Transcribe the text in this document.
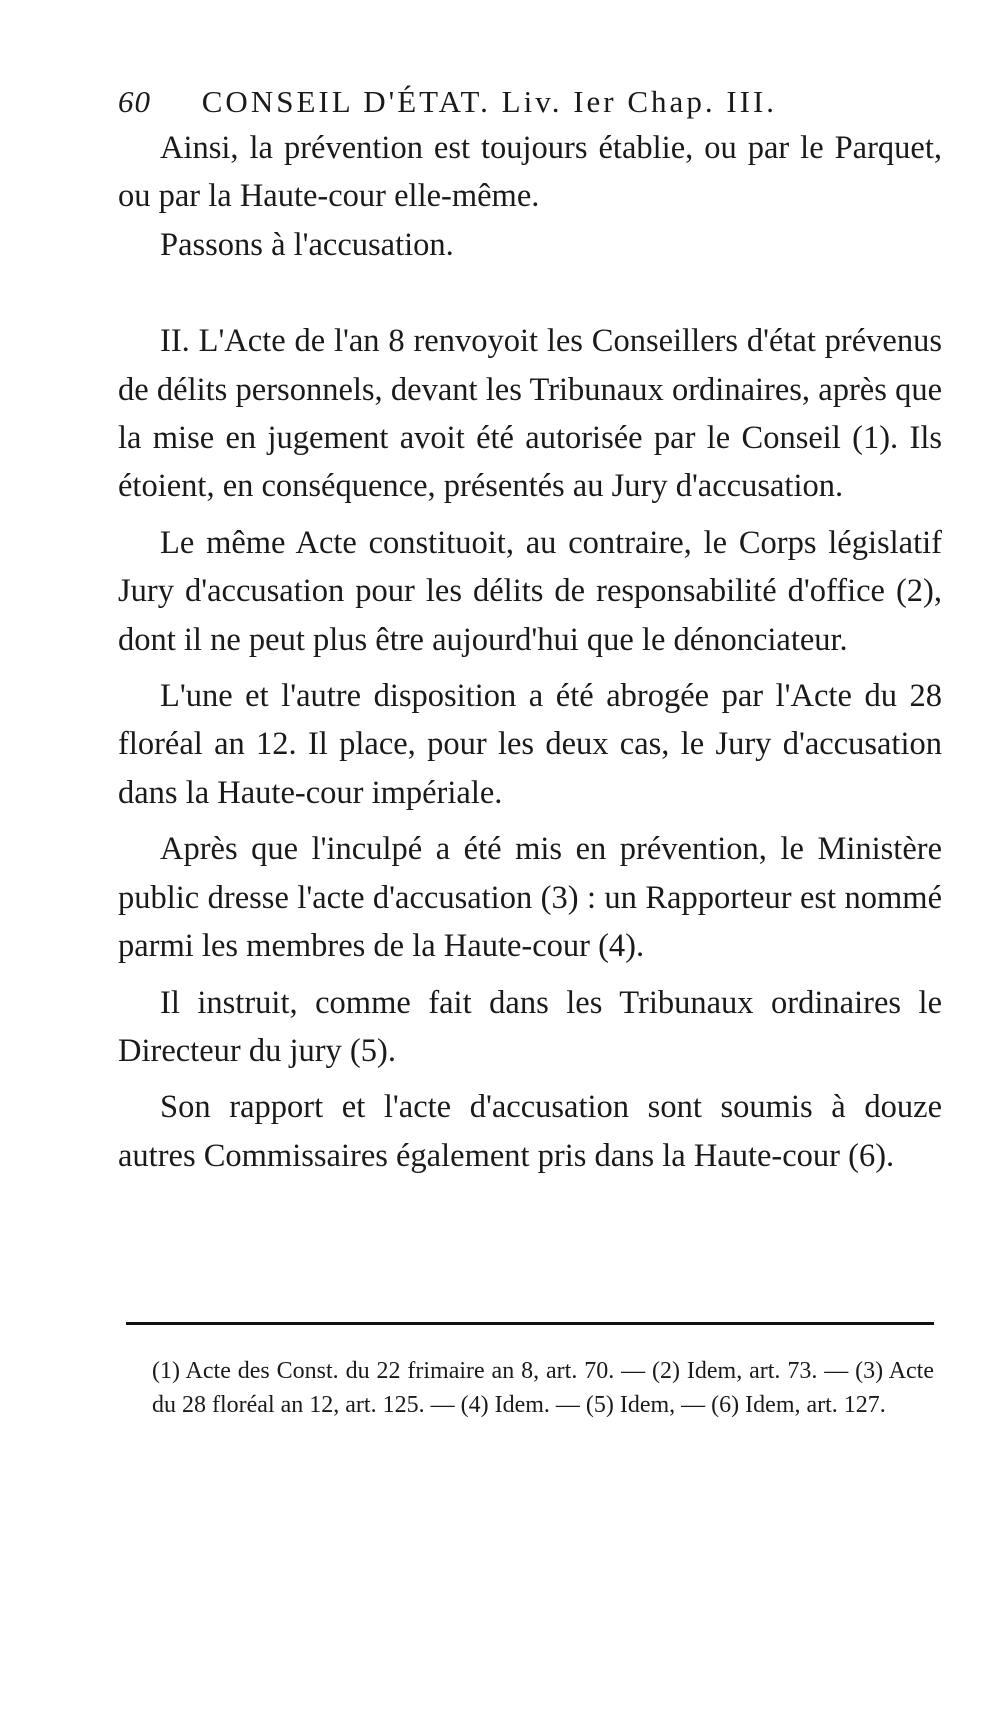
60 CONSEIL D'ÉTAT. Liv. Ier Chap. III.

Ainsi, la prévention est toujours établie, ou par le Parquet, ou par la Haute-cour elle-même.

Passons à l'accusation.

II. L'Acte de l'an 8 renvoyoit les Conseillers d'état prévenus de délits personnels, devant les Tribunaux ordinaires, après que la mise en jugement avoit été autorisée par le Conseil (1). Ils étoient, en conséquence, présentés au Jury d'accusation.

Le même Acte constituoit, au contraire, le Corps législatif Jury d'accusation pour les délits de responsabilité d'office (2), dont il ne peut plus être aujourd'hui que le dénonciateur.

L'une et l'autre disposition a été abrogée par l'Acte du 28 floréal an 12. Il place, pour les deux cas, le Jury d'accusation dans la Haute-cour impériale.

Après que l'inculpé a été mis en prévention, le Ministère public dresse l'acte d'accusation (3) : un Rapporteur est nommé parmi les membres de la Haute-cour (4).

Il instruit, comme fait dans les Tribunaux ordinaires le Directeur du jury (5).

Son rapport et l'acte d'accusation sont soumis à douze autres Commissaires également pris dans la Haute-cour (6).

(1) Acte des Const. du 22 frimaire an 8, art. 70. — (2) Idem, art. 73. — (3) Acte du 28 floréal an 12, art. 125. — (4) Idem. — (5) Idem, — (6) Idem, art. 127.
